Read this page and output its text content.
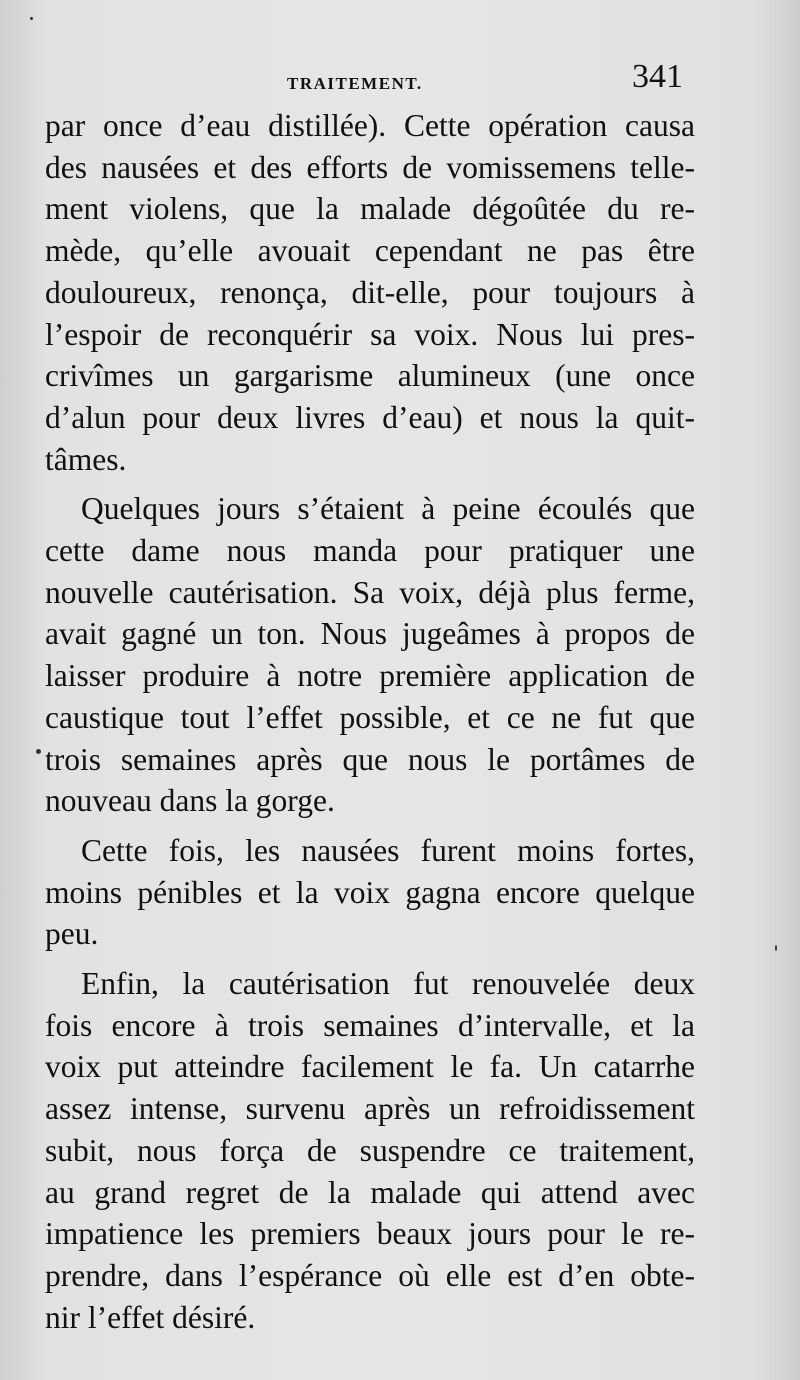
TRAITEMENT.	341
par once d’eau distillée). Cette opération causa
des nausées et des efforts de vomissemens telle-
ment violens, que la malade dégoûtée du re-
mède, qu’elle avouait cependant ne pas être
douloureux, renonça, dit-elle, pour toujours à
l’espoir de reconquérir sa voix. Nous lui pres-
crivîmes un gargarisme alumineux (une once
d’alun pour deux livres d’eau) et nous la quit-
tâmes.
Quelques jours s’étaient à peine écoulés que
cette dame nous manda pour pratiquer une
nouvelle cautérisation. Sa voix, déjà plus ferme,
avait gagné un ton. Nous jugeâmes à propos de
laisser produire à notre première application de
caustique tout l’effet possible, et ce ne fut que
trois semaines après que nous le portâmes de
nouveau dans la gorge.
Cette fois, les nausées furent moins fortes,
moins pénibles et la voix gagna encore quelque
peu.
Enfin, la cautérisation fut renouvelée deux
fois encore à trois semaines d’intervalle, et la
voix put atteindre facilement le fa. Un catarrhe
assez intense, survenu après un refroidissement
subit, nous força de suspendre ce traitement,
au grand regret de la malade qui attend avec
impatience les premiers beaux jours pour le re-
prendre, dans l’espérance où elle est d’en obte-
nir l’effet désiré.
